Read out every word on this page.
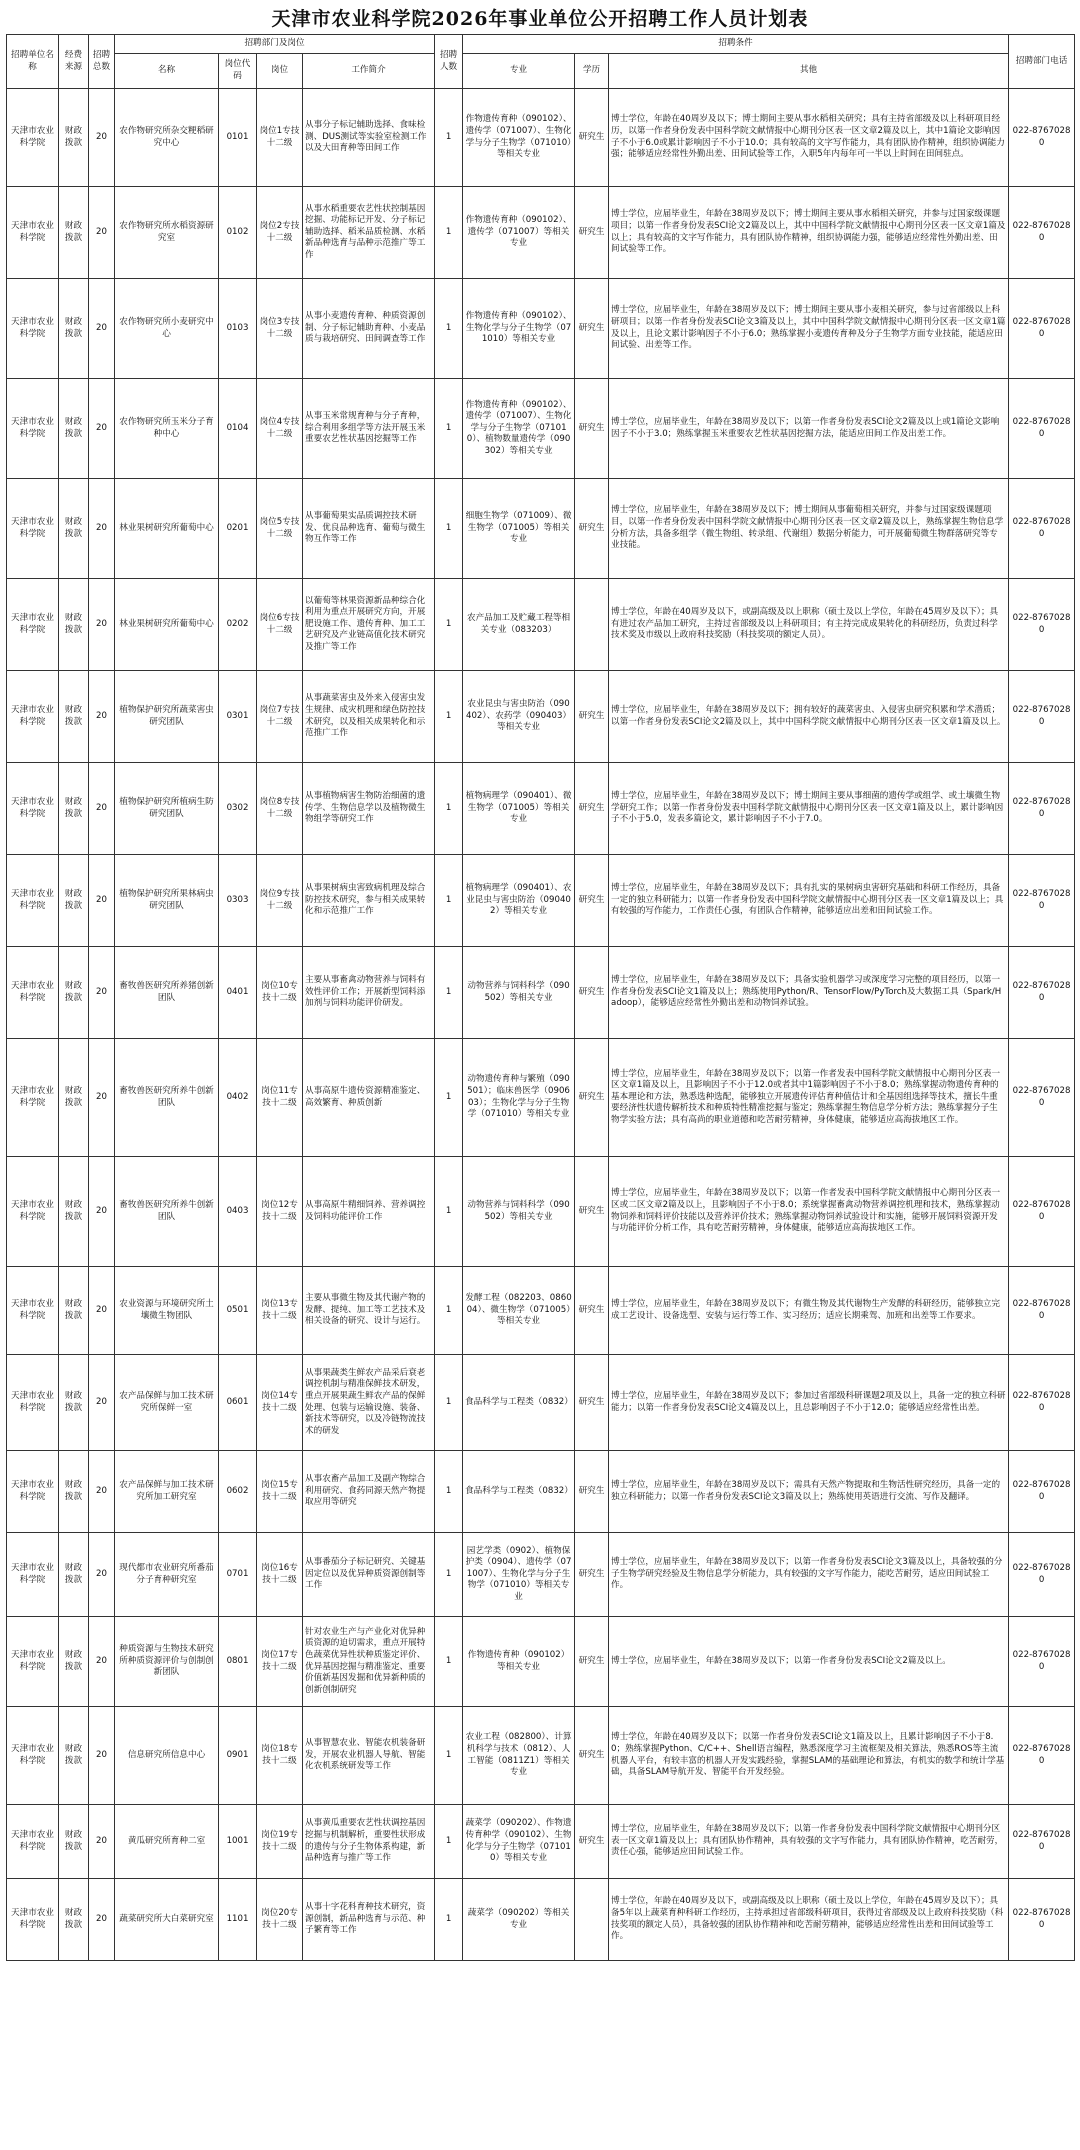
天津市农业科学院2026年事业单位公开招聘工作人员计划表
招聘单位名称	经费来源	招聘总数	招聘部门及岗位				招聘人数	招聘条件			招聘部门电话
			名称	岗位代码	岗位	工作简介		专业	学历	其他	
天津市农业科学院	财政拨款	20	农作物研究所杂交粳稻研究中心	0101	岗位1专技十二级	从事分子标记辅助选择、食味检测、DUS测试等实验室检测工作以及大田育种等田间工作	1	作物遗传育种（090102）、遗传学（071007）、生物化学与分子生物学（071010）等相关专业	研究生	博士学位，年龄在40周岁及以下；博士期间主要从事水稻相关研究；具有主持省部级及以上科研项目经历，以第一作者身份发表中国科学院文献情报中心期刊分区表一区文章2篇及以上，其中1篇论文影响因子不小于6.0或累计影响因子不小于10.0；具有较高的文字写作能力，具有团队协作精神，组织协调能力强；能够适应经常性外勤出差、田间试验等工作，入职5年内每年可一半以上时间在田间驻点。	022-87670280
天津市农业科学院	财政拨款	20	农作物研究所水稻资源研究室	0102	岗位2专技十二级	从事水稻重要农艺性状控制基因挖掘、功能标记开发、分子标记辅助选择、稻米品质检测、水稻新品种选育与品种示范推广等工作	1	作物遗传育种（090102）、遗传学（071007）等相关专业	研究生	博士学位，应届毕业生，年龄在38周岁及以下；博士期间主要从事水稻相关研究，并参与过国家级课题项目；以第一作者身份发表SCI论文2篇及以上，其中中国科学院文献情报中心期刊分区表一区文章1篇及以上；具有较高的文字写作能力，具有团队协作精神，组织协调能力强，能够适应经常性外勤出差、田间试验等工作。	022-87670280
天津市农业科学院	财政拨款	20	农作物研究所小麦研究中心	0103	岗位3专技十二级	从事小麦遗传育种、种质资源创制、分子标记辅助育种、小麦品质与栽培研究、田间调查等工作	1	作物遗传育种（090102）、生物化学与分子生物学（071010）等相关专业	研究生	博士学位，应届毕业生，年龄在38周岁及以下；博士期间主要从事小麦相关研究，参与过省部级以上科研项目；以第一作者身份发表SCI论文3篇及以上，其中中国科学院文献情报中心期刊分区表一区文章1篇及以上，且论文累计影响因子不小于6.0；熟练掌握小麦遗传育种及分子生物学方面专业技能，能适应田间试验、出差等工作。	022-87670280
天津市农业科学院	财政拨款	20	农作物研究所玉米分子育种中心	0104	岗位4专技十二级	从事玉米常规育种与分子育种，综合利用多组学等方法开展玉米重要农艺性状基因挖掘等工作	1	作物遗传育种（090102）、遗传学（071007）、生物化学与分子生物学（071010）、植物数量遗传学（090302）等相关专业	研究生	博士学位，应届毕业生，年龄在38周岁及以下；以第一作者身份发表SCI论文2篇及以上或1篇论文影响因子不小于3.0；熟练掌握玉米重要农艺性状基因挖掘方法，能适应田间工作及出差工作。	022-87670280
天津市农业科学院	财政拨款	20	林业果树研究所葡萄中心	0201	岗位5专技十二级	从事葡萄果实品质调控技术研发、优良品种选育、葡萄与微生物互作等工作	1	细胞生物学（071009）、微生物学（071005）等相关专业	研究生	博士学位，应届毕业生，年龄在38周岁及以下；博士期间从事葡萄相关研究，并参与过国家级课题项目，以第一作者身份发表中国科学院文献情报中心期刊分区表一区文章2篇及以上，熟练掌握生物信息学分析方法，具备多组学（微生物组、转录组、代谢组）数据分析能力，可开展葡萄微生物群落研究等专业技能。	022-87670280
天津市农业科学院	财政拨款	20	林业果树研究所葡萄中心	0202	岗位6专技十二级	以葡萄等林果资源新品种综合化利用为重点开展研究方向，开展肥设施工作、遗传育种、加工工艺研究及产业链高值化技术研究及推广等工作	1	农产品加工及贮藏工程等相关专业（083203）		博士学位，年龄在40周岁及以下，或副高级及以上职称（硕士及以上学位，年龄在45周岁及以下）；具有进过农产品加工研究，主持过省部级及以上科研项目；有主持完成成果转化的科研经历，负责过科学技术奖及市级以上政府科技奖励（科技奖项的额定人员）。	022-87670280
天津市农业科学院	财政拨款	20	植物保护研究所蔬菜害虫研究团队	0301	岗位7专技十二级	从事蔬菜害虫及外来入侵害虫发生规律、成灾机理和绿色防控技术研究，以及相关成果转化和示范推广工作	1	农业昆虫与害虫防治（090402）、农药学（090403）等相关专业	研究生	博士学位，应届毕业生，年龄在38周岁及以下；拥有较好的蔬菜害虫、入侵害虫研究积累和学术潜质；以第一作者身份发表SCI论文2篇及以上，其中中国科学院文献情报中心期刊分区表一区文章1篇及以上。	022-87670280
天津市农业科学院	财政拨款	20	植物保护研究所植病生防研究团队	0302	岗位8专技十二级	从事植物病害生物防治细菌的遗传学、生物信息学以及植物微生物组学等研究工作	1	植物病理学（090401）、微生物学（071005）等相关专业	研究生	博士学位，应届毕业生，年龄在38周岁及以下；博士期间主要从事细菌的遗传学或组学、或土壤微生物学研究工作；以第一作者身份发表中国科学院文献情报中心期刊分区表一区文章1篇及以上，累计影响因子不小于5.0，发表多篇论文，累计影响因子不小于7.0。	022-87670280
天津市农业科学院	财政拨款	20	植物保护研究所果林病虫研究团队	0303	岗位9专技十二级	从事果树病虫害致病机理及综合防控技术研究，参与相关成果转化和示范推广工作	1	植物病理学（090401）、农业昆虫与害虫防治（090402）等相关专业	研究生	博士学位，应届毕业生，年龄在38周岁及以下；具有扎实的果树病虫害研究基础和科研工作经历，具备一定的独立科研能力；以第一作者身份发表中国科学院文献情报中心期刊分区表一区文章1篇及以上；具有较强的写作能力，工作责任心强，有团队合作精神，能够适应出差和田间试验工作。	022-87670280
天津市农业科学院	财政拨款	20	畜牧兽医研究所养猪创新团队	0401	岗位10专技十二级	主要从事畜禽动物营养与饲料有效性评价工作；开展新型饲料添加剂与饲料功能评价研发。	1	动物营养与饲料科学（090502）等相关专业	研究生	博士学位，应届毕业生，年龄在38周岁及以下；具备实验机器学习或深度学习完整的项目经历，以第一作者身份发表SCI论文1篇及以上；熟练使用Python/R、TensorFlow/PyTorch及大数据工具（Spark/Hadoop），能够适应经常性外勤出差和动物饲养试验。	022-87670280
天津市农业科学院	财政拨款	20	畜牧兽医研究所养牛创新团队	0402	岗位11专技十二级	从事高原牛遗传资源精准鉴定、高效繁育、种质创新	1	动物遗传育种与繁殖（090501）；临床兽医学（090603）；生物化学与分子生物学（071010）等相关专业	研究生	博士学位，应届毕业生，年龄在38周岁及以下；以第一作者发表中国科学院文献情报中心期刊分区表一区文章1篇及以上，且影响因子不小于12.0或者其中1篇影响因子不小于8.0；熟练掌握动物遗传育种的基本理论和方法，熟悉选种选配，能够独立开展遗传评估育种值估计和全基因组选择等技术，擅长牛重要经济性状遗传解析技术和种质特性精准挖掘与鉴定；熟练掌握生物信息学分析方法；熟练掌握分子生物学实验方法；具有高尚的职业道德和吃苦耐劳精神，身体健康，能够适应高海拔地区工作。	022-87670280
天津市农业科学院	财政拨款	20	畜牧兽医研究所养牛创新团队	0403	岗位12专技十二级	从事高原牛精细饲养、营养调控及饲料功能评价工作	1	动物营养与饲料科学（090502）等相关专业	研究生	博士学位，应届毕业生，年龄在38周岁及以下；以第一作者发表中国科学院文献情报中心期刊分区表一区或二区文章2篇及以上，且影响因子不小于8.0；系统掌握畜禽动物营养调控机理和技术，熟练掌握动物饲养和饲料评价技能以及营养评价技术；熟练掌握动物饲养试验设计和实施，能够开展饲料资源开发与功能评价分析工作，具有吃苦耐劳精神，身体健康，能够适应高海拔地区工作。	022-87670280
天津市农业科学院	财政拨款	20	农业资源与环境研究所土壤微生物团队	0501	岗位13专技十二级	主要从事微生物及其代谢产物的发酵、提纯、加工等工艺技术及相关设备的研究、设计与运行。	1	发酵工程（082203、086004）、微生物学（071005）等相关专业	研究生	博士学位，应届毕业生，年龄在38周岁及以下；有微生物及其代谢物生产发酵的科研经历，能够独立完成工艺设计、设备选型、安装与运行等工作、实习经历；适应长期乘驾、加班和出差等工作要求。	022-87670280
天津市农业科学院	财政拨款	20	农产品保鲜与加工技术研究所保鲜一室	0601	岗位14专技十二级	从事果蔬类生鲜农产品采后衰老调控机制与精准保鲜技术研发，重点开展果蔬生鲜农产品的保鲜处理、包装与运输设施、装备、新技术等研究，以及冷链物流技术的研发	1	食品科学与工程类（0832）	研究生	博士学位，应届毕业生，年龄在38周岁及以下；参加过省部级科研课题2项及以上，具备一定的独立科研能力；以第一作者身份发表SCI论文4篇及以上，且总影响因子不小于12.0；能够适应经常性出差。	022-87670280
天津市农业科学院	财政拨款	20	农产品保鲜与加工技术研究所加工研究室	0602	岗位15专技十二级	从事农畜产品加工及副产物综合利用研究、食药同源天然产物提取应用等研究	1	食品科学与工程类（0832）	研究生	博士学位，应届毕业生，年龄在38周岁及以下；需具有天然产物提取和生物活性研究经历，具备一定的独立科研能力；以第一作者身份发表SCI论文3篇及以上；熟练使用英语进行交流、写作及翻译。	022-87670280
天津市农业科学院	财政拨款	20	现代都市农业研究所番茄分子育种研究室	0701	岗位16专技十二级	从事番茄分子标记研究、关键基因定位以及优异种质资源创制等工作	1	园艺学类（0902）、植物保护类（0904）、遗传学（071007）、生物化学与分子生物学（071010）等相关专业	研究生	博士学位，应届毕业生，年龄在38周岁及以下；以第一作者身份发表SCI论文3篇及以上，具备较强的分子生物学研究经验及生物信息学分析能力，具有较强的文字写作能力，能吃苦耐劳，适应田间试验工作。	022-87670280
天津市农业科学院	财政拨款	20	种质资源与生物技术研究所种质资源评价与创制创新团队	0801	岗位17专技十二级	针对农业生产与产业化对优异种质资源的迫切需求，重点开展特色蔬菜优异性状种质鉴定评价、优异基因挖掘与精准鉴定、重要价值新基因发掘和优异新种质的创新创制研究	1	作物遗传育种（090102）等相关专业	研究生	博士学位，应届毕业生，年龄在38周岁及以下；以第一作者身份发表SCI论文2篇及以上。	022-87670280
天津市农业科学院	财政拨款	20	信息研究所信息中心	0901	岗位18专技十二级	从事智慧农业、智能农机装备研发，开展农业机器人导航、智能化农机系统研发等工作	1	农业工程（082800）、计算机科学与技术（0812）、人工智能（0811Z1）等相关专业	研究生	博士学位，年龄在40周岁及以下；以第一作者身份发表SCI论文1篇及以上，且累计影响因子不小于8.0；熟练掌握Python、C/C++、Shell语言编程，熟悉深度学习主流框架及相关算法，熟悉ROS等主流机器人平台，有较丰富的机器人开发实践经验，掌握SLAM的基础理论和算法，有机实的数学和统计学基础，具备SLAM导航开发、智能平台开发经验。	022-87670280
天津市农业科学院	财政拨款	20	黄瓜研究所育种二室	1001	岗位19专技十二级	从事黄瓜重要农艺性状调控基因挖掘与机制解析，重要性状形成的遗传与分子生物体系构建，新品种选育与推广等工作	1	蔬菜学（090202）、作物遗传育种学（090102）、生物化学与分子生物学（071010）等相关专业	研究生	博士学位，应届毕业生，年龄在38周岁及以下；以第一作者身份发表中国科学院文献情报中心期刊分区表一区文章1篇及以上；具有团队协作精神，具有较强的文字写作能力，具有团队协作精神，吃苦耐劳，责任心强，能够适应田间试验工作。	022-87670280
天津市农业科学院	财政拨款	20	蔬菜研究所大白菜研究室	1101	岗位20专技十二级	从事十字花科育种技术研究，资源创制，新品种选育与示范、种子繁育等工作	1	蔬菜学（090202）等相关专业		博士学位，年龄在40周岁及以下，或副高级及以上职称（硕士及以上学位，年龄在45周岁及以下）；具备5年以上蔬菜育种科研工作经历，主持承担过省部级科研项目，获得过省部级及以上政府科技奖励（科技奖项的额定人员），具备较强的团队协作精神和吃苦耐劳精神，能够适应经常性出差和田间试验等工作。	022-87670280
